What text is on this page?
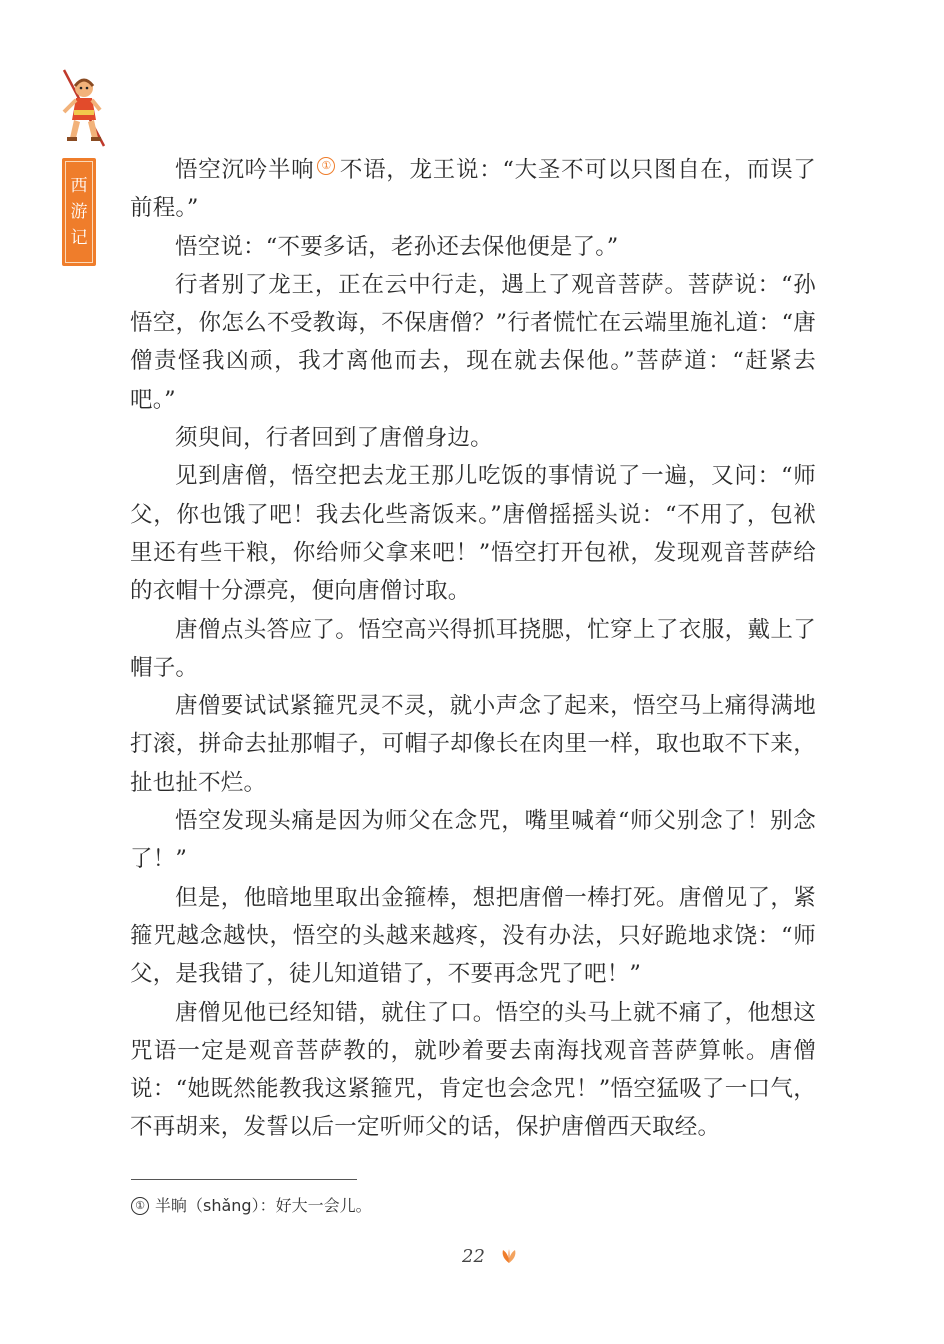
西
游
记

悟空沉吟半响 ① 不语，龙王说：“大圣不可以只图自在，而误了前程。”

悟空说：“不要多话，老孙还去保他便是了。”

行者别了龙王，正在云中行走，遇上了观音菩萨。菩萨说：“孙悟空，你怎么不受教诲，不保唐僧？”行者慌忙在云端里施礼道：“唐僧责怪我凶顽，我才离他而去，现在就去保他。”菩萨道：“赶紧去吧。”

须臾间，行者回到了唐僧身边。

见到唐僧，悟空把去龙王那儿吃饭的事情说了一遍，又问：“师父，你也饿了吧！我去化些斋饭来。”唐僧摇摇头说：“不用了，包袱里还有些干粮，你给师父拿来吧！”悟空打开包袱，发现观音菩萨给的衣帽十分漂亮，便向唐僧讨取。

唐僧点头答应了。悟空高兴得抓耳挠腮，忙穿上了衣服，戴上了帽子。

唐僧要试试紧箍咒灵不灵，就小声念了起来，悟空马上痛得满地打滚，拼命去扯那帽子，可帽子却像长在肉里一样，取也取不下来，扯也扯不烂。

悟空发现头痛是因为师父在念咒，嘴里喊着“师父别念了！别念了！”

但是，他暗地里取出金箍棒，想把唐僧一棒打死。唐僧见了，紧箍咒越念越快，悟空的头越来越疼，没有办法，只好跪地求饶：“师父，是我错了，徒儿知道错了，不要再念咒了吧！”

唐僧见他已经知错，就住了口。悟空的头马上就不痛了，他想这咒语一定是观音菩萨教的，就吵着要去南海找观音菩萨算帐。唐僧说：“她既然能教我这紧箍咒，肯定也会念咒！”悟空猛吸了一口气，不再胡来，发誓以后一定听师父的话，保护唐僧西天取经。

① 半晌（shǎng）：好大一会儿。
22
